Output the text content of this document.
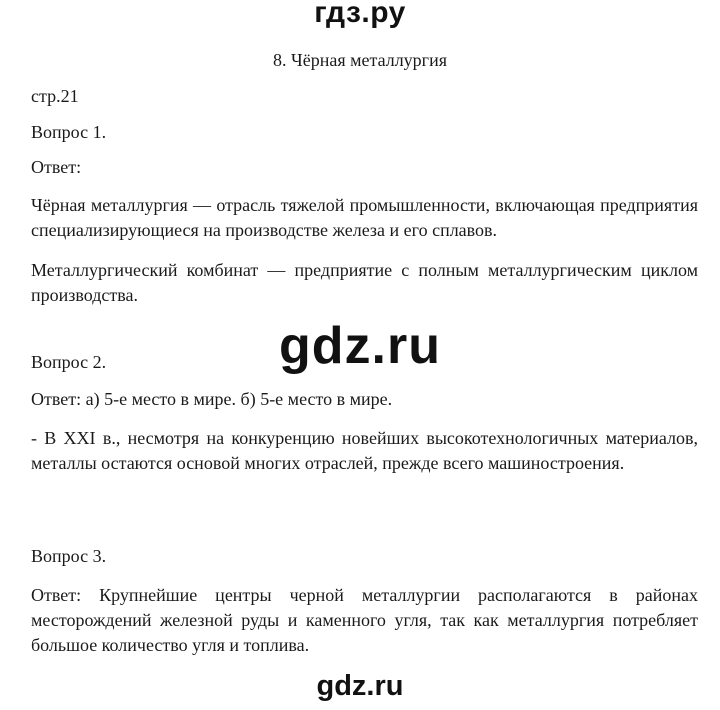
гдз.ру
8. Чёрная металлургия
стр.21
Вопрос 1.
Ответ:
Чёрная металлургия — отрасль тяжелой промышленности, включающая предприятия специализирующиеся на производстве железа и его сплавов.
Металлургический комбинат — предприятие с полным металлургическим циклом производства.
gdz.ru
Вопрос 2.
Ответ: а) 5-е место в мире. б) 5-е место в мире.
- В XXI в., несмотря на конкуренцию новейших высокотехнологичных материалов, металлы остаются основой многих отраслей, прежде всего машиностроения.
Вопрос 3.
Ответ: Крупнейшие центры черной металлургии располагаются в районах месторождений железной руды и каменного угля, так как металлургия потребляет большое количество угля и топлива.
gdz.ru
